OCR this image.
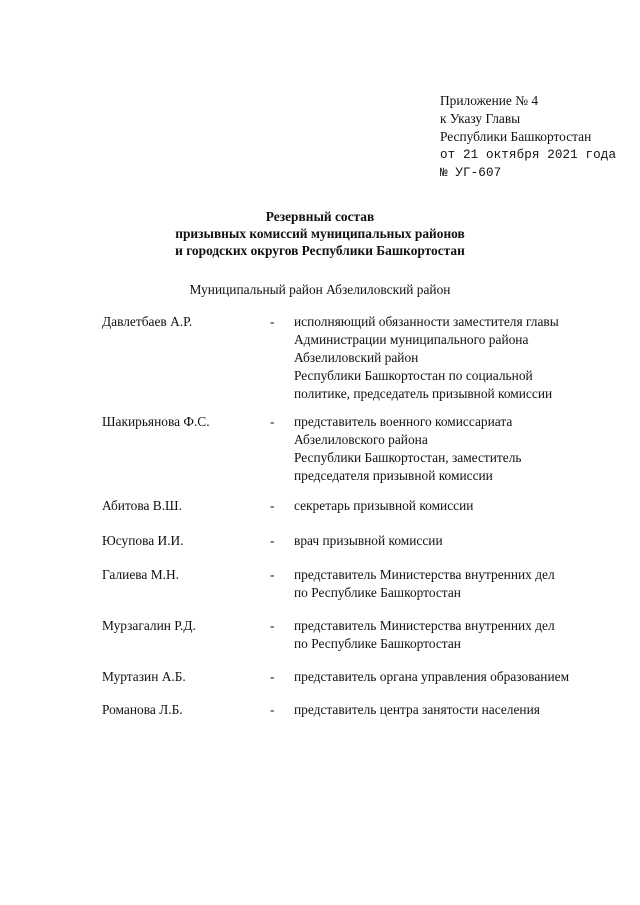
Приложение № 4
к Указу Главы
Республики Башкортостан
от 21 октября 2021 года
№ УГ-607
Резервный состав
призывных комиссий муниципальных районов
и городских округов Республики Башкортостан
Муниципальный район Абзелиловский район
Давлетбаев А.Р.	- исполняющий обязанности заместителя главы
Администрации муниципального района
Абзелиловский район
Республики Башкортостан по социальной
политике, председатель призывной комиссии
Шакирьянова Ф.С.	- представитель военного комиссариата
Абзелиловского района
Республики Башкортостан, заместитель
председателя призывной комиссии
Абитова В.Ш.	- секретарь призывной комиссии
Юсупова И.И.	- врач призывной комиссии
Галиева М.Н.	- представитель Министерства внутренних дел
по Республике Башкортостан
Мурзагалин Р.Д.	- представитель Министерства внутренних дел
по Республике Башкортостан
Муртазин А.Б.	- представитель органа управления образованием
Романова Л.Б.	- представитель центра занятости населения
